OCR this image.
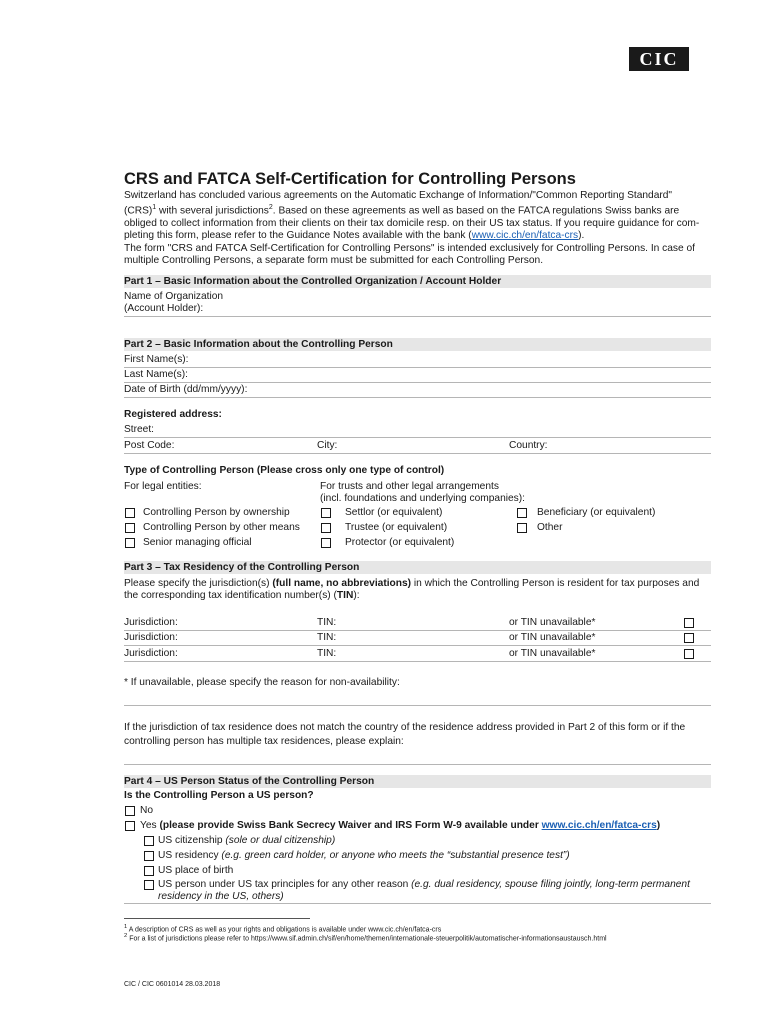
CIC
CRS and FATCA Self-Certification for Controlling Persons

Switzerland has concluded various agreements on the Automatic Exchange of Information/"Common Reporting Standard"

(CRS)$^1$ with several jurisdictions$^2$. Based on these agreements as well as based on the FATCA regulations Swiss banks are

obliged to collect information from their clients on their tax domicile resp. on their US tax status. If you require guidance for com-

pleting this form, please refer to the Guidance Notes available with the bank (www.cic.ch/en/fatca-crs).

The form "CRS and FATCA Self-Certification for Controlling Persons" is intended exclusively for Controlling Persons. In case of

multiple Controlling Persons, a separate form must be submitted for each Controlling Person.

Part 1 – Basic Information about the Controlled Organization / Account Holder
Name of Organization
(Account Holder):
Part 2 – Basic Information about the Controlling Person
First Name(s):
Last Name(s):
Date of Birth (dd/mm/yyyy):
Registered address:
Street:
Post Code:	City:	Country:
Type of Controlling Person (Please cross only one type of control)
For legal entities:	For trusts and other legal arrangements
(incl. foundations and underlying companies):
Controlling Person by ownership	Settlor (or equivalent)	Beneficiary (or equivalent)
Controlling Person by other means	Trustee (or equivalent)	Other
Senior managing official	Protector (or equivalent)
Part 3 – Tax Residency of the Controlling Person
Please specify the jurisdiction(s) (full name, no abbreviations) in which the Controlling Person is resident for tax purposes and
the corresponding tax identification number(s) (TIN):
Jurisdiction:	TIN:	or TIN unavailable*
Jurisdiction:	TIN:	or TIN unavailable*
Jurisdiction:	TIN:	or TIN unavailable*
* If unavailable, please specify the reason for non-availability:
If the jurisdiction of tax residence does not match the country of the residence address provided in Part 2 of this form or if the
controlling person has multiple tax residences, please explain:
Part 4 – US Person Status of the Controlling Person
Is the Controlling Person a US person?
No
Yes (please provide Swiss Bank Secrecy Waiver and IRS Form W-9 available under www.cic.ch/en/fatca-crs)
US citizenship (sole or dual citizenship)
US residency (e.g. green card holder, or anyone who meets the “substantial presence test”)
US place of birth
US person under US tax principles for any other reason (e.g. dual residency, spouse filing jointly, long-term permanent
residency in the US, others)
$^1$ A description of CRS as well as your rights and obligations is available under www.cic.ch/en/fatca-crs
$^2$ For a list of jurisdictions please refer to https://www.sif.admin.ch/sif/en/home/themen/internationale-steuerpolitik/automatischer-informationsaustausch.html
CIC / CIC 0601014 28.03.2018
